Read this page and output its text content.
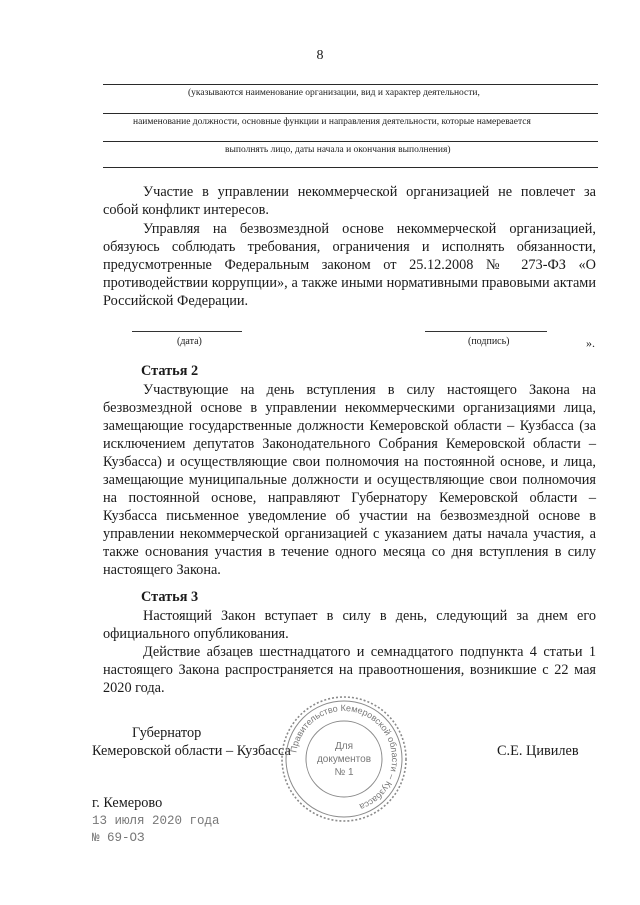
8
(указываются наименование организации, вид и характер деятельности,
наименование должности, основные функции и направления деятельности, которые намеревается
выполнять лицо, даты начала и окончания выполнения)

Участие в управлении некоммерческой организацией не повлечет за собой конфликт интересов.

Управляя на безвозмездной основе некоммерческой организацией, обязуюсь соблюдать требования, ограничения и исполнять обязанности, предусмотренные Федеральным законом от 25.12.2008 № 273-ФЗ «О противодействии коррупции», а также иными нормативными правовыми актами Российской Федерации.

(дата)	(подпись)	».
Статья 2

Участвующие на день вступления в силу настоящего Закона на безвозмездной основе в управлении некоммерческими организациями лица, замещающие государственные должности Кемеровской области – Кузбасса (за исключением депутатов Законодательного Собрания Кемеровской области – Кузбасса) и осуществляющие свои полномочия на постоянной основе, и лица, замещающие муниципальные должности и осуществляющие свои полномочия на постоянной основе, направляют Губернатору Кемеровской области – Кузбасса письменное уведомление об участии на безвозмездной основе в управлении некоммерческой организацией с указанием даты начала участия, а также основания участия в течение одного месяца со дня вступления в силу настоящего Закона.

Статья 3

Настоящий Закон вступает в силу в день, следующий за днем его официального опубликования.

Действие абзацев шестнадцатого и семнадцатого подпункта 4 статьи 1 настоящего Закона распространяется на правоотношения, возникшие с 22 мая 2020 года.

Губернатор
Кемеровской области – Кузбасса	С.Е. Цивилев
г. Кемерово
13 июля 2020 года
№ 69-ОЗ
Правительство Кемеровской области – Кузбасса
Для
документов
№ 1
